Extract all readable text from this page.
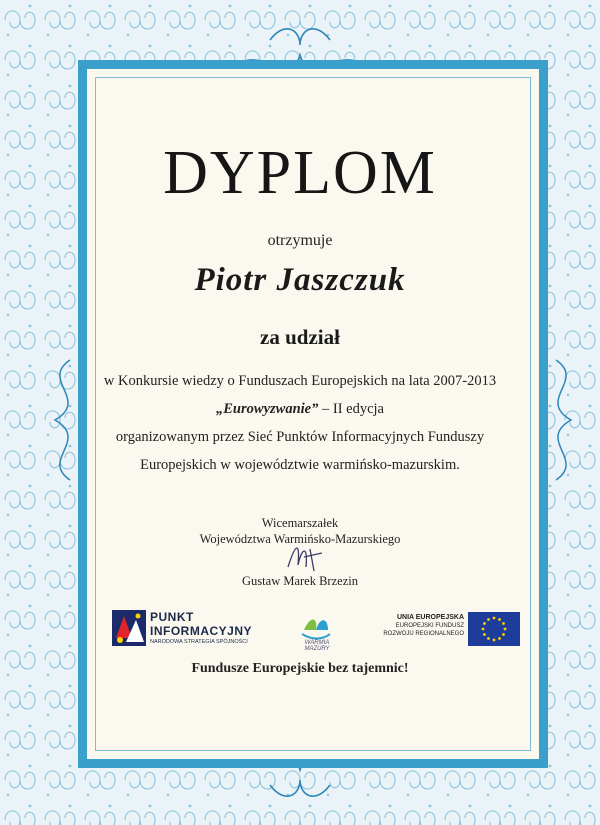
DYPLOM
otrzymuje
Piotr Jaszczuk
za udział
w Konkursie wiedzy o Funduszach Europejskich na lata 2007-2013
„Eurowyzwanie” – II edycja
organizowanym przez Sieć Punktów Informacyjnych Funduszy
Europejskich w województwie warmińsko-mazurskim.
Wicemarszałek
Województwa Warmińsko-Mazurskiego
Gustaw Marek Brzezin
PUNKT
INFORMACYJNY
NARODOWA STRATEGIA SPÓJNOŚCI	WARMIA MAZURY
UNIA EUROPEJSKA
EUROPEJSKI FUNDUSZ
ROZWOJU REGIONALNEGO
Fundusze Europejskie bez tajemnic!
